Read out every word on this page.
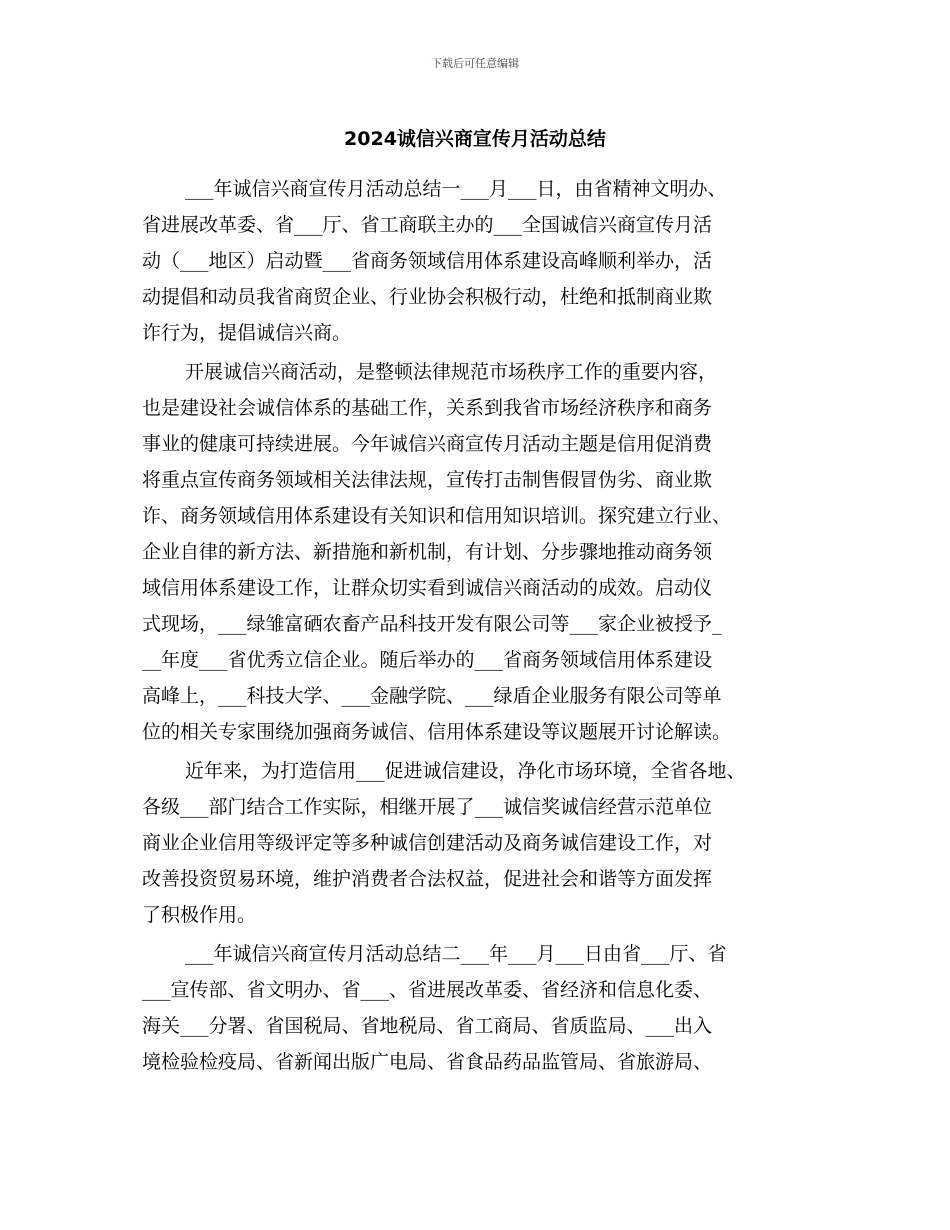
下载后可任意编辑
2024诚信兴商宣传月活动总结
___年诚信兴商宣传月活动总结一___月___日，由省精神文明办、
省进展改革委、省___厅、省工商联主办的___全国诚信兴商宣传月活
动（___地区）启动暨___省商务领域信用体系建设高峰顺利举办，活
动提倡和动员我省商贸企业、行业协会积极行动，杜绝和抵制商业欺
诈行为，提倡诚信兴商。
开展诚信兴商活动，是整顿法律规范市场秩序工作的重要内容，
也是建设社会诚信体系的基础工作，关系到我省市场经济秩序和商务
事业的健康可持续进展。今年诚信兴商宣传月活动主题是信用促消费
将重点宣传商务领域相关法律法规，宣传打击制售假冒伪劣、商业欺
诈、商务领域信用体系建设有关知识和信用知识培训。探究建立行业、
企业自律的新方法、新措施和新机制，有计划、分步骤地推动商务领
域信用体系建设工作，让群众切实看到诚信兴商活动的成效。启动仪
式现场，___绿雏富硒农畜产品科技开发有限公司等___家企业被授予_
__年度___省优秀立信企业。随后举办的___省商务领域信用体系建设
高峰上，___科技大学、___金融学院、___绿盾企业服务有限公司等单
位的相关专家围绕加强商务诚信、信用体系建设等议题展开讨论解读。
近年来，为打造信用___促进诚信建设，净化市场环境，全省各地、
各级___部门结合工作实际，相继开展了___诚信奖诚信经营示范单位
商业企业信用等级评定等多种诚信创建活动及商务诚信建设工作，对
改善投资贸易环境，维护消费者合法权益，促进社会和谐等方面发挥
了积极作用。
___年诚信兴商宣传月活动总结二___年___月___日由省___厅、省
___宣传部、省文明办、省___、省进展改革委、省经济和信息化委、
海关___分署、省国税局、省地税局、省工商局、省质监局、___出入
境检验检疫局、省新闻出版广电局、省食品药品监管局、省旅游局、
